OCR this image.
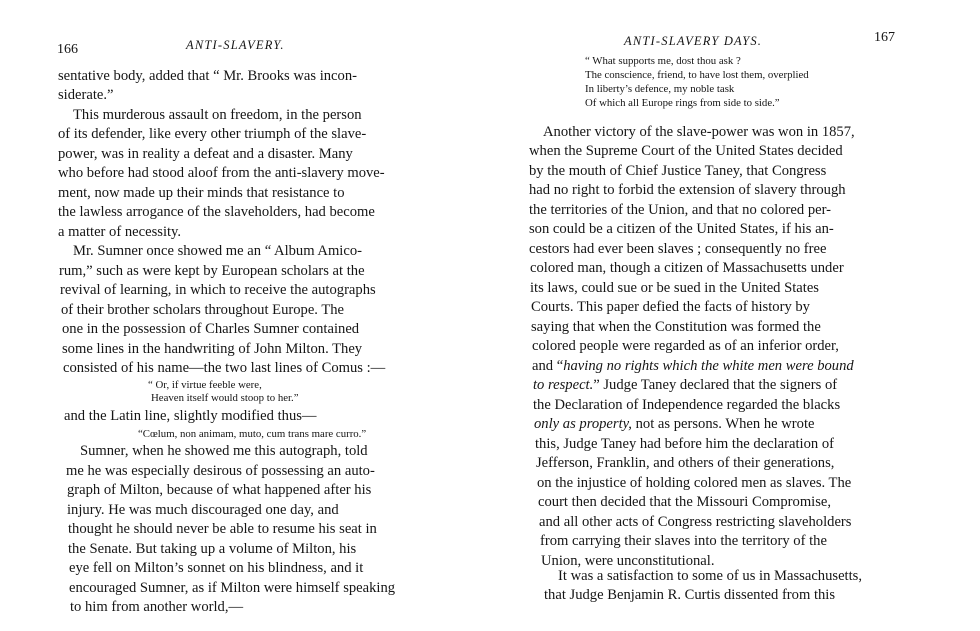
166	ANTI-SLAVERY.
sentative body, added that “ Mr. Brooks was incon-
siderate.”
This murderous assault on freedom, in the person
of its defender, like every other triumph of the slave-
power, was in reality a defeat and a disaster. Many
who before had stood aloof from the anti-slavery move-
ment, now made up their minds that resistance to
the lawless arrogance of the slaveholders, had become
a matter of necessity.
Mr. Sumner once showed me an “ Album Amico-
rum,” such as were kept by European scholars at the
revival of learning, in which to receive the autographs
of their brother scholars throughout Europe. The
one in the possession of Charles Sumner contained
some lines in the handwriting of John Milton. They
consisted of his name—the two last lines of Comus :—
“ Or, if virtue feeble were,
Heaven itself would stoop to her.”
and the Latin line, slightly modified thus—
“Cœlum, non animam, muto, cum trans mare curro.”
Sumner, when he showed me this autograph, told
me he was especially desirous of possessing an auto-
graph of Milton, because of what happened after his
injury. He was much discouraged one day, and
thought he should never be able to resume his seat in
the Senate. But taking up a volume of Milton, his
eye fell on Milton’s sonnet on his blindness, and it
encouraged Sumner, as if Milton were himself speaking
to him from another world,—
ANTI-SLAVERY DAYS.	167
“ What supports me, dost thou ask ?
The conscience, friend, to have lost them, overplied
In liberty’s defence, my noble task
Of which all Europe rings from side to side.”
Another victory of the slave-power was won in 1857,
when the Supreme Court of the United States decided
by the mouth of Chief Justice Taney, that Congress
had no right to forbid the extension of slavery through
the territories of the Union, and that no colored per-
son could be a citizen of the United States, if his an-
cestors had ever been slaves ; consequently no free
colored man, though a citizen of Massachusetts under
its laws, could sue or be sued in the United States
Courts. This paper defied the facts of history by
saying that when the Constitution was formed the
colored people were regarded as of an inferior order,
and “having no rights which the white men were bound
to respect.” Judge Taney declared that the signers of
the Declaration of Independence regarded the blacks
only as property, not as persons. When he wrote
this, Judge Taney had before him the declaration of
Jefferson, Franklin, and others of their generations,
on the injustice of holding colored men as slaves. The
court then decided that the Missouri Compromise,
and all other acts of Congress restricting slaveholders
from carrying their slaves into the territory of the
Union, were unconstitutional.
It was a satisfaction to some of us in Massachusetts,
that Judge Benjamin R. Curtis dissented from this
